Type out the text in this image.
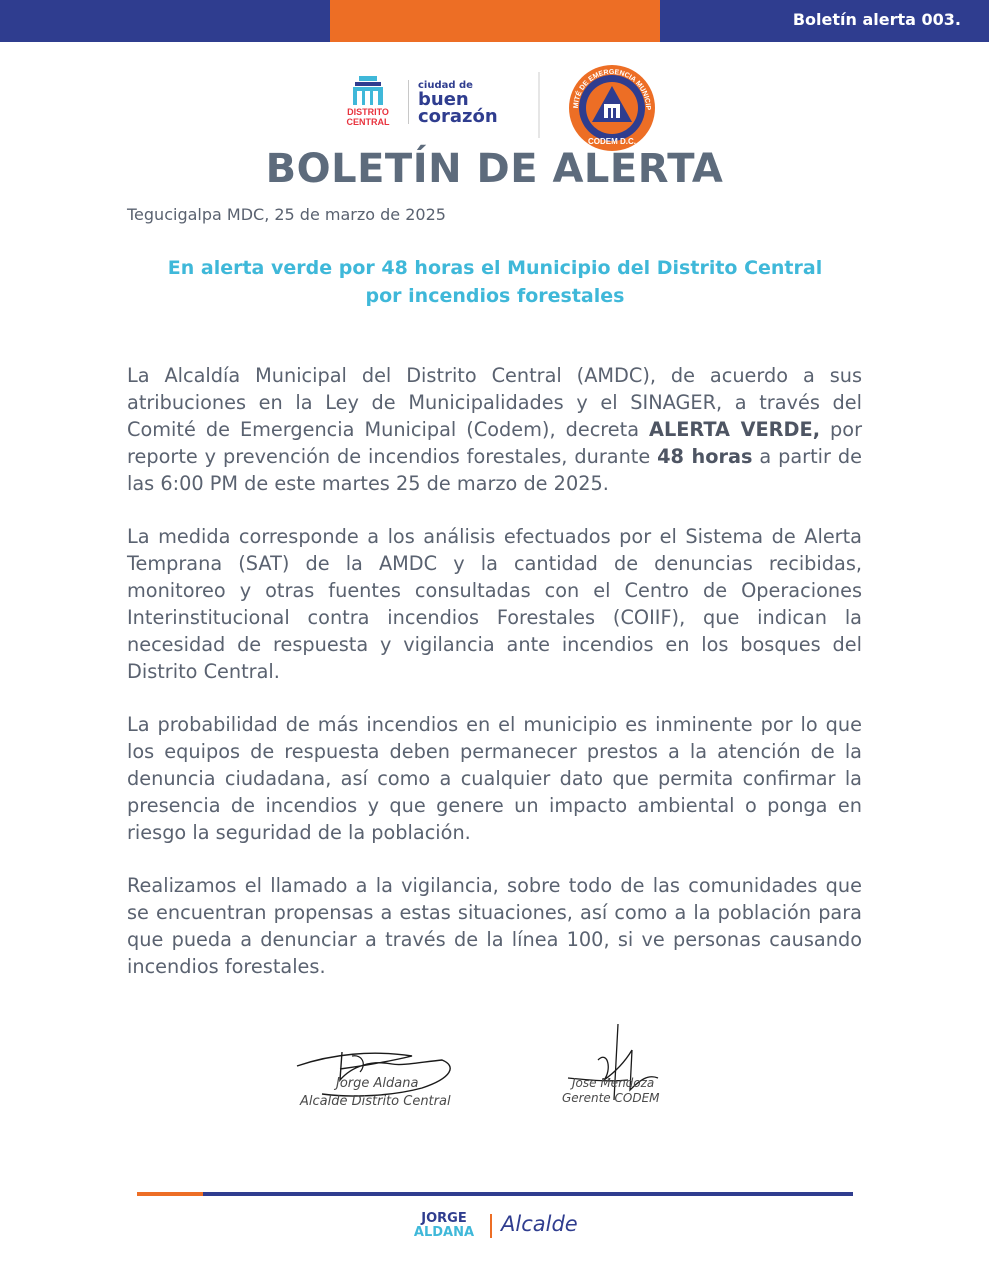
Boletín alerta 003.
DISTRITO
CENTRAL
ciudad de
buen
corazón
MITÉ DE EMERGENCIA MUNICIP
CODEM D.C.
BOLETÍN DE ALERTA
Tegucigalpa MDC, 25 de marzo de 2025
En alerta verde por 48 horas el Municipio del Distrito Central
por incendios forestales

La Alcaldía Municipal del Distrito Central (AMDC), de acuerdo a sus atribuciones en la Ley de Municipalidades y el SINAGER, a través del Comité de Emergencia Municipal (Codem), decreta ALERTA VERDE, por reporte y prevención de incendios forestales, durante 48 horas a partir de las 6:00 PM de este martes 25 de marzo de 2025.

La medida corresponde a los análisis efectuados por el Sistema de Alerta Temprana (SAT) de la AMDC y la cantidad de denuncias recibidas, monitoreo y otras fuentes consultadas con el Centro de Operaciones Interinstitucional contra incendios Forestales (COIIF), que indican la necesidad de respuesta y vigilancia ante incendios en los bosques del Distrito Central.

La probabilidad de más incendios en el municipio es inminente por lo que los equipos de respuesta deben permanecer prestos a la atención de la denuncia ciudadana, así como a cualquier dato que permita confirmar la presencia de incendios y que genere un impacto ambiental o ponga en riesgo la seguridad de la población.

Realizamos el llamado a la vigilancia, sobre todo de las comunidades que se encuentran propensas a estas situaciones, así como a la población para que pueda a denunciar a través de la línea 100, si ve personas causando incendios forestales.

Jorge Aldana
Alcalde Distrito Central
Jose Mendoza
Gerente CODEM
JORGE
ALDANA	Alcalde
